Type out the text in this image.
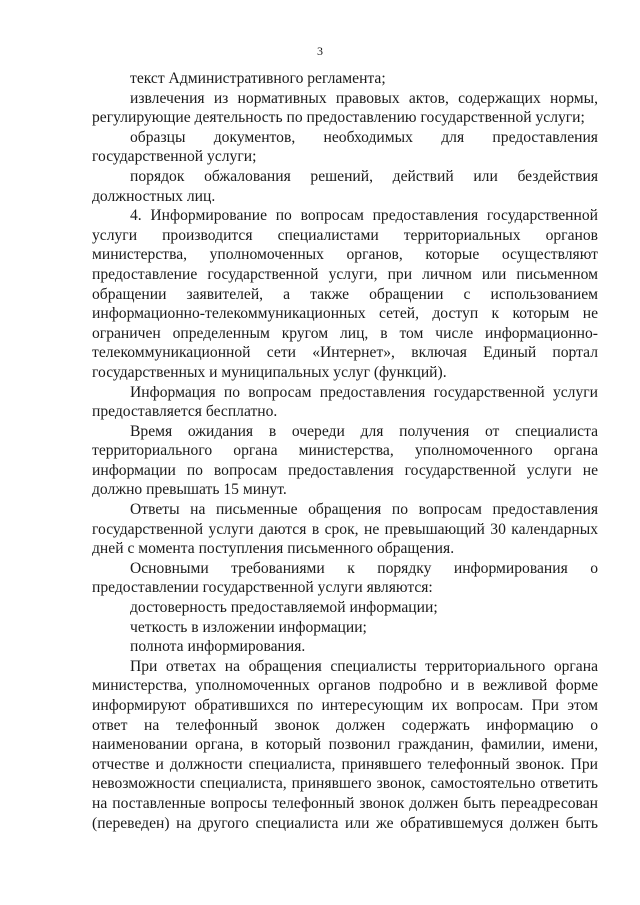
3

текст Административного регламента;

извлечения из нормативных правовых актов, содержащих нормы, регулирующие деятельность по предоставлению государственной услуги;

образцы документов, необходимых для предоставления государственной услуги;

порядок обжалования решений, действий или бездействия должностных лиц.

4. Информирование по вопросам предоставления государственной услуги производится специалистами территориальных органов министерства, уполномоченных органов, которые осуществляют предоставление государственной услуги, при личном или письменном обращении заявителей, а также обращении с использованием информационно-телекоммуникационных сетей, доступ к которым не ограничен определенным кругом лиц, в том числе информационно-телекоммуникационной сети «Интернет», включая Единый портал государственных и муниципальных услуг (функций).

Информация по вопросам предоставления государственной услуги предоставляется бесплатно.

Время ожидания в очереди для получения от специалиста территориального органа министерства, уполномоченного органа информации по вопросам предоставления государственной услуги не должно превышать 15 минут.

Ответы на письменные обращения по вопросам предоставления государственной услуги даются в срок, не превышающий 30 календарных дней с момента поступления письменного обращения.

Основными требованиями к порядку информирования о предоставлении государственной услуги являются:

достоверность предоставляемой информации;

четкость в изложении информации;

полнота информирования.

При ответах на обращения специалисты территориального органа министерства, уполномоченных органов подробно и в вежливой форме информируют обратившихся по интересующим их вопросам. При этом ответ на телефонный звонок должен содержать информацию о наименовании органа, в который позвонил гражданин, фамилии, имени, отчестве и должности специалиста, принявшего телефонный звонок. При невозможности специалиста, принявшего звонок, самостоятельно ответить на поставленные вопросы телефонный звонок должен быть переадресован (переведен) на другого специалиста или же обратившемуся должен быть
